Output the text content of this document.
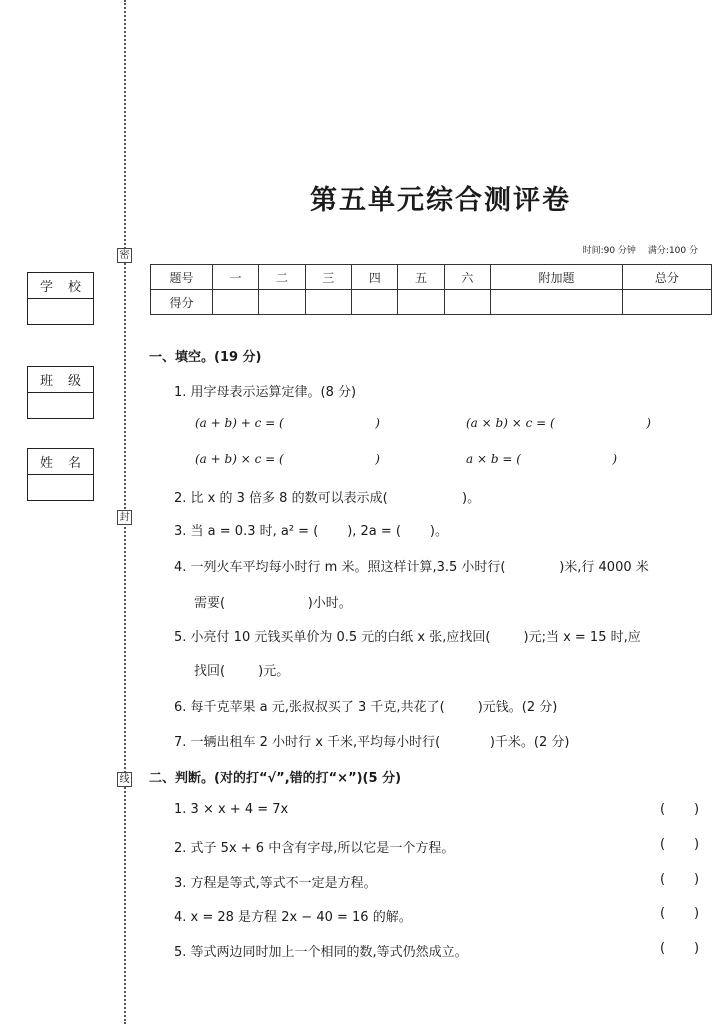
密
封
线
学 校
班 级
姓 名
第五单元综合测评卷
时间:90 分钟 满分:100 分
题号	一	二	三	四	五	六	附加题	总分
得分								
一、填空。(19 分)
1. 用字母表示运算定律。(8 分)
(a + b) + c = (                        )	(a × b) × c = (                        )
(a + b) × c = (                        )	a × b = (                        )
2. 比 x 的 3 倍多 8 的数可以表示成(                  )。
3. 当 a = 0.3 时, a² = (       ), 2a = (       )。
4. 一列火车平均每小时行 m 米。照这样计算,3.5 小时行(             )米,行 4000 米
需要(                    )小时。
5. 小亮付 10 元钱买单价为 0.5 元的白纸 x 张,应找回(        )元;当 x = 15 时,应
找回(        )元。
6. 每千克苹果 a 元,张叔叔买了 3 千克,共花了(        )元钱。(2 分)
7. 一辆出租车 2 小时行 x 千米,平均每小时行(            )千米。(2 分)
二、判断。(对的打“√”,错的打“×”)(5 分)
1. 3 × x + 4 = 7x	(       )
2. 式子 5x + 6 中含有字母,所以它是一个方程。	(       )
3. 方程是等式,等式不一定是方程。	(       )
4. x = 28 是方程 2x − 40 = 16 的解。	(       )
5. 等式两边同时加上一个相同的数,等式仍然成立。	(       )
